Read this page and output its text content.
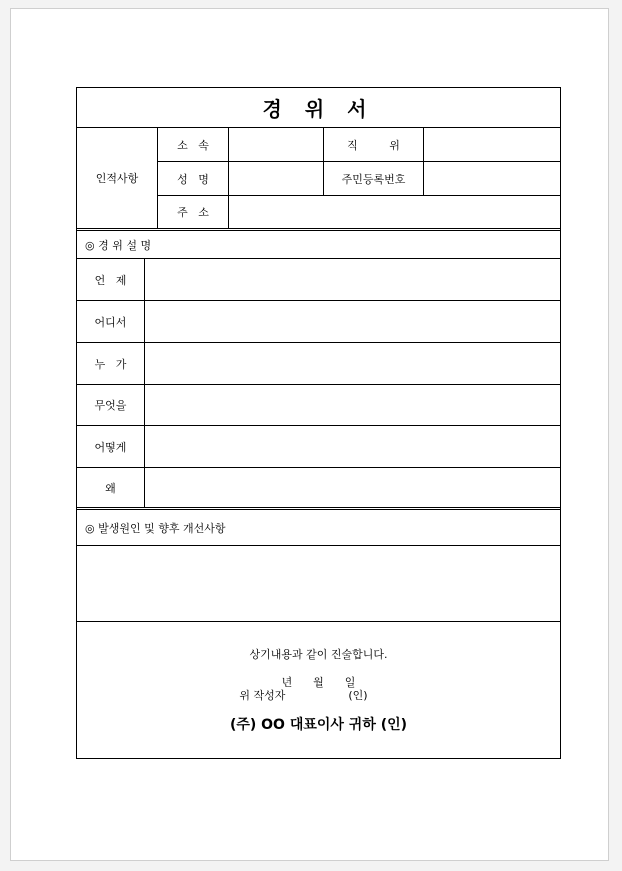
경 위 서
인적사항
소   속	직         위
성   명	주민등록번호
주   소
◎ 경 위 설 명
언   제
어디서
누   가
무엇을
어떻게
왜
◎ 발생원인 및 향후 개선사항
상기내용과 같이 진술합니다.
년      월      일
위 작성자                  (인)
(주) OO 대표이사 귀하 (인)
